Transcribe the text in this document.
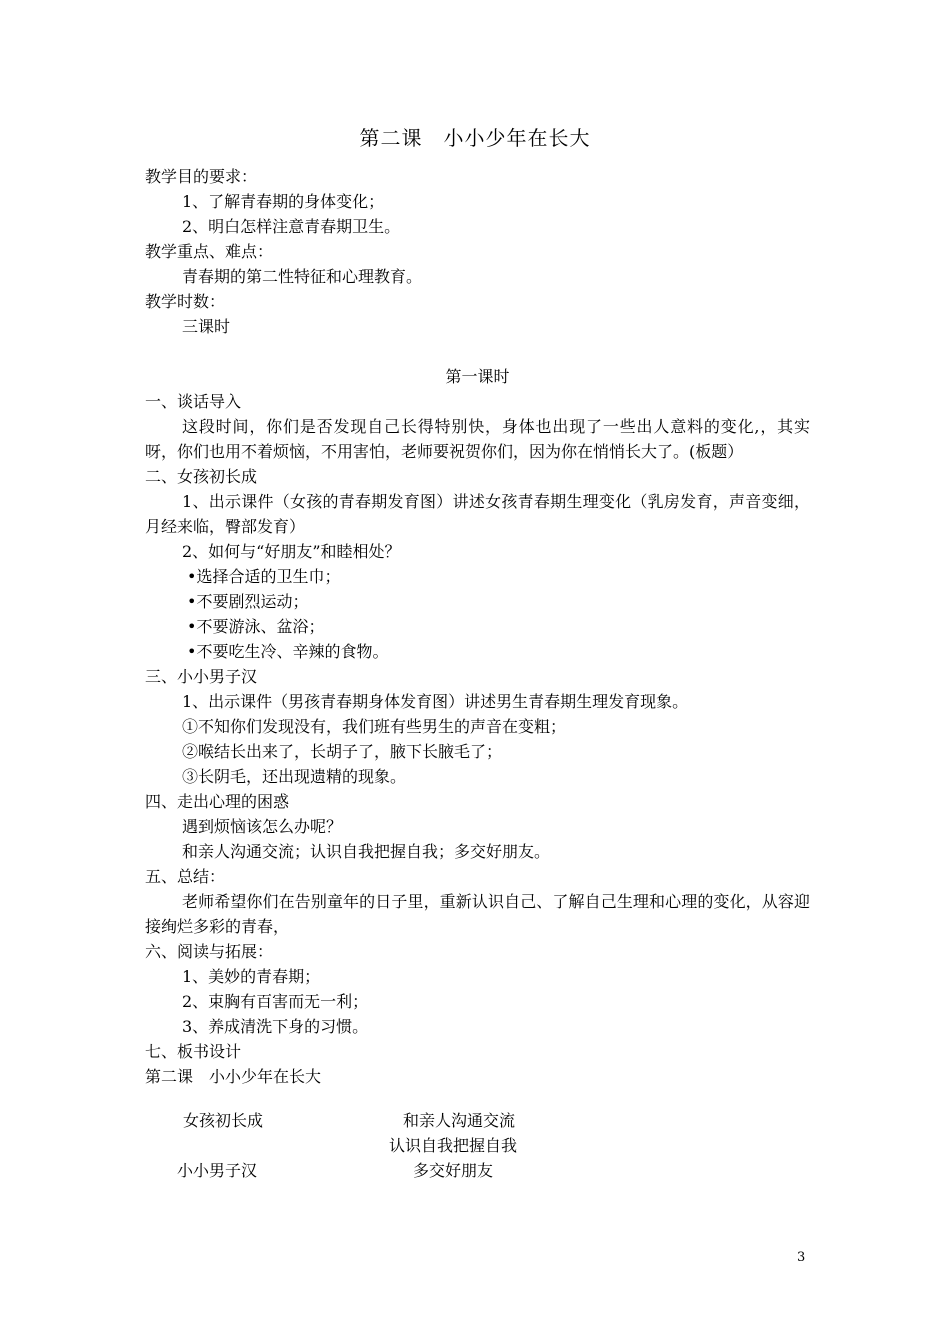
第二课　小小少年在长大

教学目的要求：

1、了解青春期的身体变化；

2、明白怎样注意青春期卫生。

教学重点、难点：

青春期的第二性特征和心理教育。

教学时数：

三课时

第一课时

一、谈话导入

这段时间，你们是否发现自己长得特别快，身体也出现了一些出人意料的变化,，其实呀，你们也用不着烦恼，不用害怕，老师要祝贺你们，因为你在悄悄长大了。(板题）

二、女孩初长成

1、出示课件（女孩的青春期发育图）讲述女孩青春期生理变化（乳房发育，声音变细，月经来临，臀部发育）

2、如何与“好朋友”和睦相处？

•选择合适的卫生巾；

•不要剧烈运动；

•不要游泳、盆浴；

•不要吃生冷、辛辣的食物。

三、小小男子汉

1、出示课件（男孩青春期身体发育图）讲述男生青春期生理发育现象。

①不知你们发现没有，我们班有些男生的声音在变粗；

②喉结长出来了，长胡子了，腋下长腋毛了；

③长阴毛，还出现遗精的现象。

四、走出心理的困惑

遇到烦恼该怎么办呢？

和亲人沟通交流；认识自我把握自我；多交好朋友。

五、总结：

老师希望你们在告别童年的日子里，重新认识自己、了解自己生理和心理的变化，从容迎接绚烂多彩的青春，

六、阅读与拓展：

1、美妙的青春期；

2、束胸有百害而无一利；

3、养成清洗下身的习惯。

七、板书设计

第二课　小小少年在长大

女孩初长成
小小男子汉
和亲人沟通交流
认识自我把握自我
多交好朋友
3
